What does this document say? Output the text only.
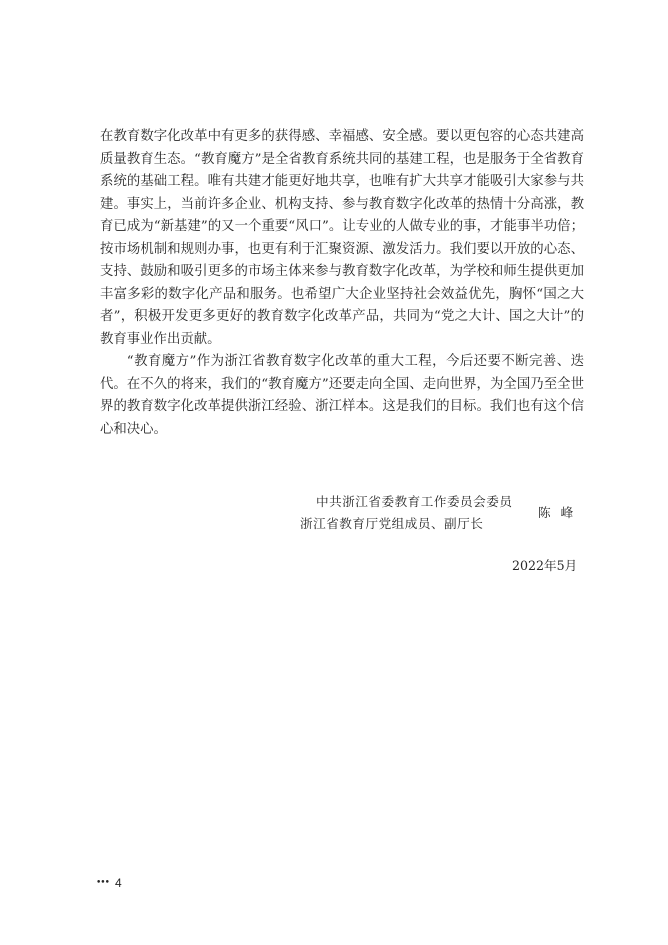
在教育数字化改革中有更多的获得感、幸福感、安全感。要以更包容的心态共建高质量教育生态。“教育魔方”是全省教育系统共同的基建工程，也是服务于全省教育系统的基础工程。唯有共建才能更好地共享，也唯有扩大共享才能吸引大家参与共建。事实上，当前许多企业、机构支持、参与教育数字化改革的热情十分高涨，教育已成为“新基建”的又一个重要“风口”。让专业的人做专业的事，才能事半功倍；按市场机制和规则办事，也更有利于汇聚资源、激发活力。我们要以开放的心态、支持、鼓励和吸引更多的市场主体来参与教育数字化改革，为学校和师生提供更加丰富多彩的数字化产品和服务。也希望广大企业坚持社会效益优先，胸怀“国之大者”，积极开发更多更好的教育数字化改革产品，共同为“党之大计、国之大计”的教育事业作出贡献。

“教育魔方”作为浙江省教育数字化改革的重大工程，今后还要不断完善、迭代。在不久的将来，我们的“教育魔方”还要走向全国、走向世界，为全国乃至全世界的教育数字化改革提供浙江经验、浙江样本。这是我们的目标。我们也有这个信心和决心。

中共浙江省委教育工作委员会委员
浙江省教育厅党组成员、副厅长
陈峰
2022年5月
••• 4
